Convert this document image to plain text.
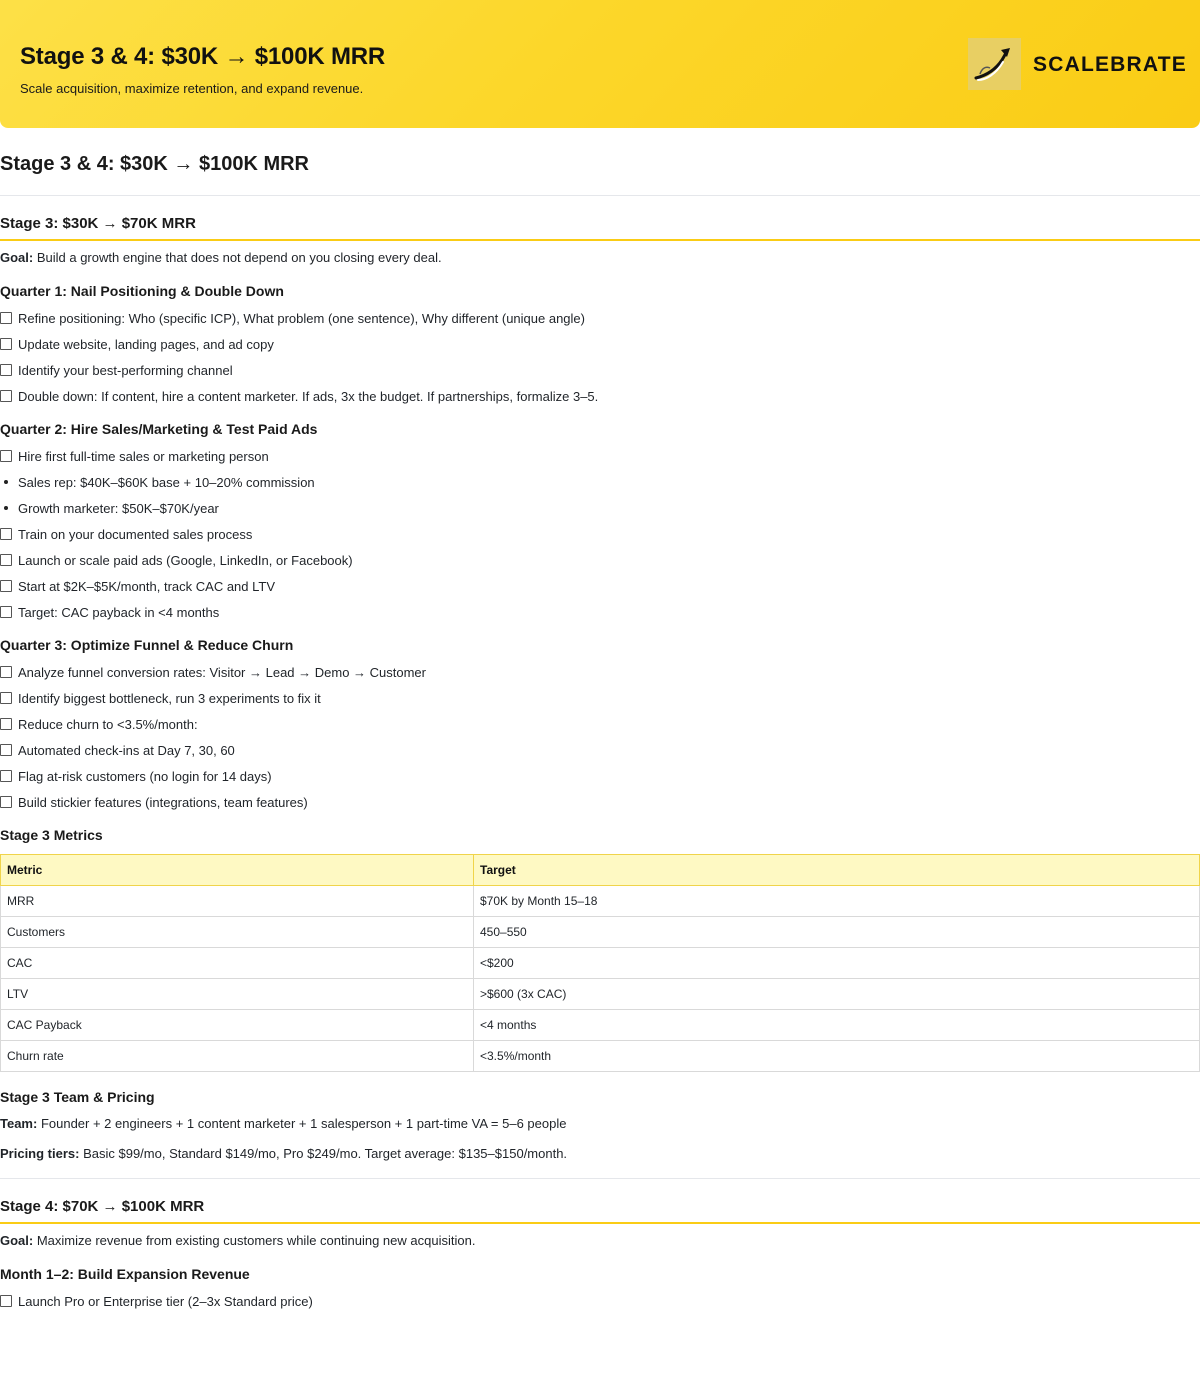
Stage 3 & 4: $30K → $100K MRR
Scale acquisition, maximize retention, and expand revenue.
SCALEBRATE
Stage 3 & 4: $30K → $100K MRR
Stage 3: $30K → $70K MRR
Goal: Build a growth engine that does not depend on you closing every deal.
Quarter 1: Nail Positioning & Double Down
Refine positioning: Who (specific ICP), What problem (one sentence), Why different (unique angle)
Update website, landing pages, and ad copy
Identify your best-performing channel
Double down: If content, hire a content marketer. If ads, 3x the budget. If partnerships, formalize 3–5.
Quarter 2: Hire Sales/Marketing & Test Paid Ads
Hire first full-time sales or marketing person
Sales rep: $40K–$60K base + 10–20% commission
Growth marketer: $50K–$70K/year
Train on your documented sales process
Launch or scale paid ads (Google, LinkedIn, or Facebook)
Start at $2K–$5K/month, track CAC and LTV
Target: CAC payback in <4 months
Quarter 3: Optimize Funnel & Reduce Churn
Analyze funnel conversion rates: Visitor → Lead → Demo → Customer
Identify biggest bottleneck, run 3 experiments to fix it
Reduce churn to <3.5%/month:
Automated check-ins at Day 7, 30, 60
Flag at-risk customers (no login for 14 days)
Build stickier features (integrations, team features)
Stage 3 Metrics
Metric	Target
MRR	$70K by Month 15–18
Customers	450–550
CAC	<$200
LTV	>$600 (3x CAC)
CAC Payback	<4 months
Churn rate	<3.5%/month
Stage 3 Team & Pricing
Team: Founder + 2 engineers + 1 content marketer + 1 salesperson + 1 part-time VA = 5–6 people
Pricing tiers: Basic $99/mo, Standard $149/mo, Pro $249/mo. Target average: $135–$150/month.
Stage 4: $70K → $100K MRR
Goal: Maximize revenue from existing customers while continuing new acquisition.
Month 1–2: Build Expansion Revenue
Launch Pro or Enterprise tier (2–3x Standard price)
